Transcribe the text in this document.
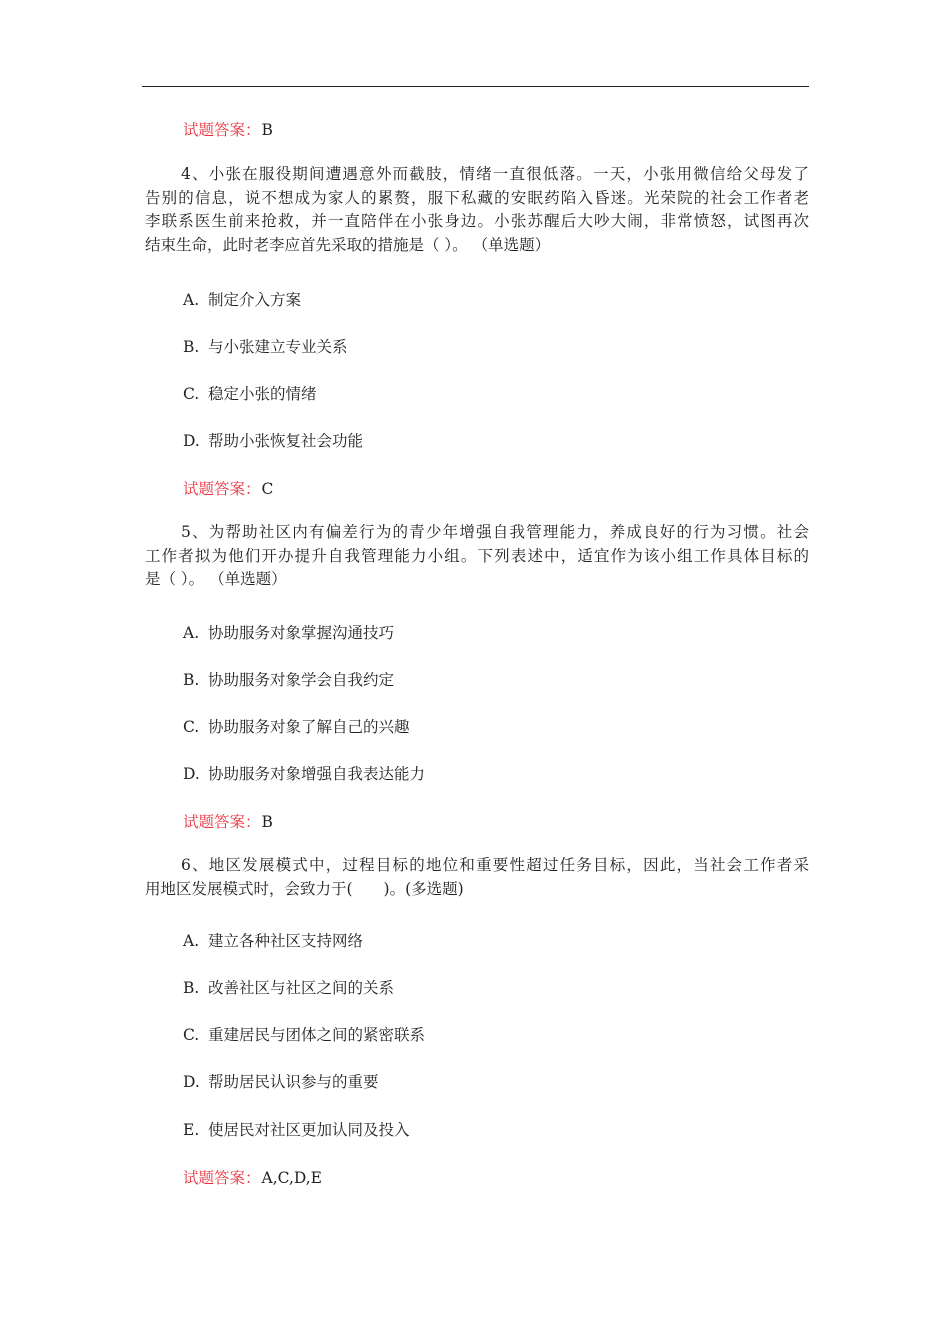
试题答案：B
4、小张在服役期间遭遇意外而截肢，情绪一直很低落。一天，小张用微信给父母发了
告别的信息，说不想成为家人的累赘，服下私藏的安眠药陷入昏迷。光荣院的社会工作者老
李联系医生前来抢救，并一直陪伴在小张身边。小张苏醒后大吵大闹，非常愤怒，试图再次
结束生命，此时老李应首先采取的措施是（ ）。 （单选题）
A. 制定介入方案
B. 与小张建立专业关系
C. 稳定小张的情绪
D. 帮助小张恢复社会功能
试题答案：C
5、为帮助社区内有偏差行为的青少年增强自我管理能力，养成良好的行为习惯。社会
工作者拟为他们开办提升自我管理能力小组。下列表述中，适宜作为该小组工作具体目标的
是（ ）。 （单选题）
A. 协助服务对象掌握沟通技巧
B. 协助服务对象学会自我约定
C. 协助服务对象了解自己的兴趣
D. 协助服务对象增强自我表达能力
试题答案：B
6、地区发展模式中，过程目标的地位和重要性超过任务目标，因此，当社会工作者采
用地区发展模式时，会致力于(　　)。(多选题)
A. 建立各种社区支持网络
B. 改善社区与社区之间的关系
C. 重建居民与团体之间的紧密联系
D. 帮助居民认识参与的重要
E. 使居民对社区更加认同及投入
试题答案：A,C,D,E
